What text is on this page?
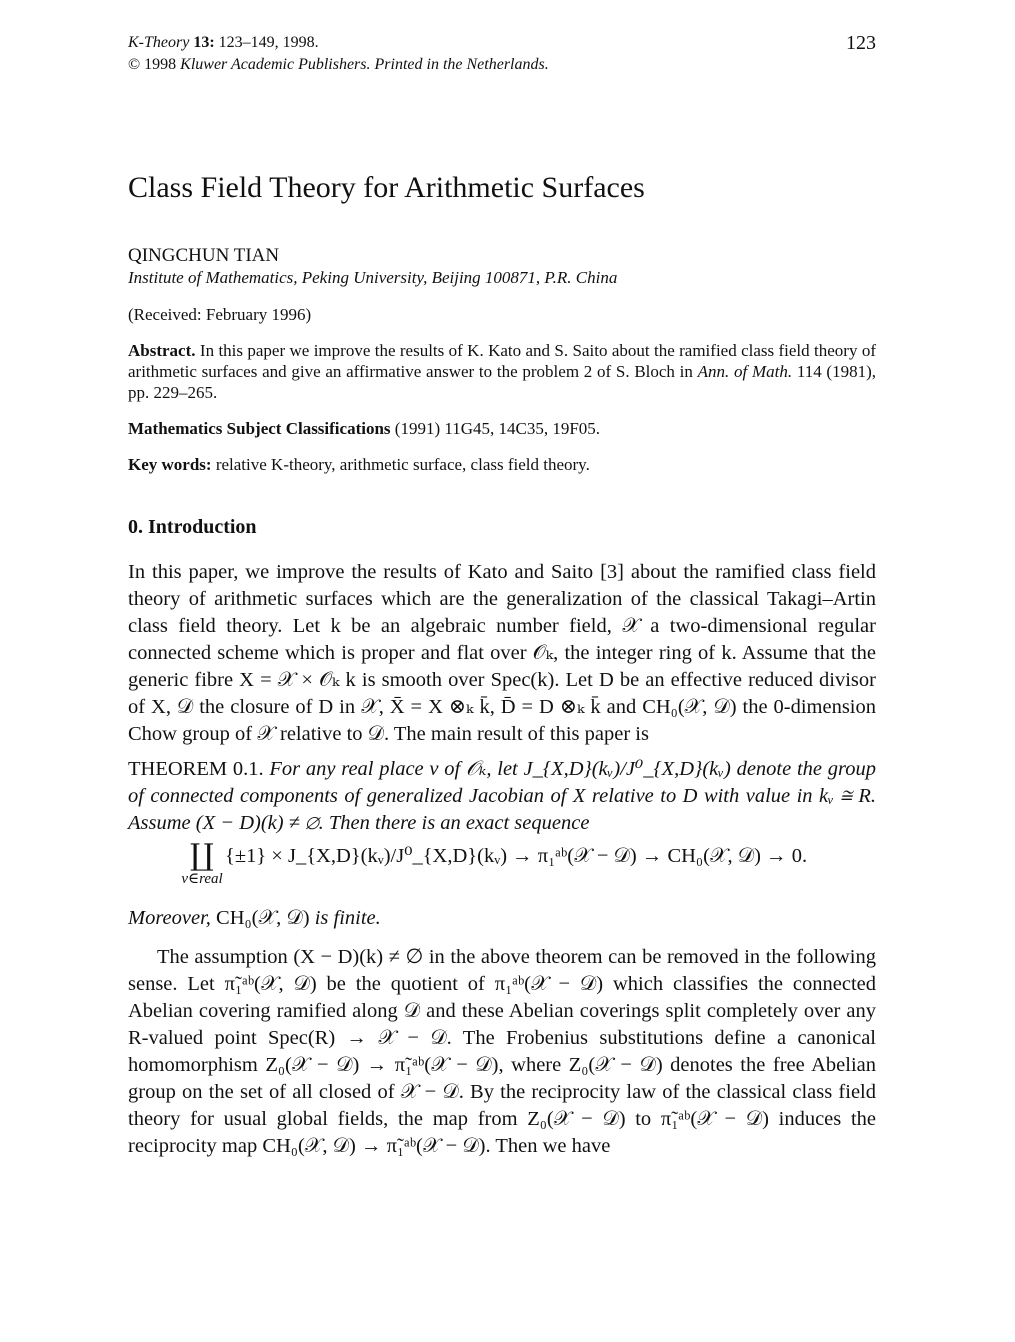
K-Theory 13: 123–149, 1998.
© 1998 Kluwer Academic Publishers. Printed in the Netherlands.
123
Class Field Theory for Arithmetic Surfaces
QINGCHUN TIAN
Institute of Mathematics, Peking University, Beijing 100871, P.R. China
(Received: February 1996)
Abstract. In this paper we improve the results of K. Kato and S. Saito about the ramified class field theory of arithmetic surfaces and give an affirmative answer to the problem 2 of S. Bloch in Ann. of Math. 114 (1981), pp. 229–265.
Mathematics Subject Classifications (1991) 11G45, 14C35, 19F05.
Key words: relative K-theory, arithmetic surface, class field theory.
0. Introduction
In this paper, we improve the results of Kato and Saito [3] about the ramified class field theory of arithmetic surfaces which are the generalization of the classical Takagi–Artin class field theory. Let k be an algebraic number field, 𝒳 a two-dimensional regular connected scheme which is proper and flat over 𝒪ₖ, the integer ring of k. Assume that the generic fibre X = 𝒳 × 𝒪ₖ k is smooth over Spec(k). Let D be an effective reduced divisor of X, 𝒟 the closure of D in 𝒳, X̄ = X ⊗ₖ k̄, D̄ = D ⊗ₖ k̄ and CH₀(𝒳, 𝒟) the 0-dimension Chow group of 𝒳 relative to 𝒟. The main result of this paper is
THEOREM 0.1. For any real place v of 𝒪ₖ, let J_{X,D}(kᵥ)/J⁰_{X,D}(kᵥ) denote the group of connected components of generalized Jacobian of X relative to D with value in kᵥ ≅ R. Assume (X − D)(k) ≠ ∅. Then there is an exact sequence
∐
v∈real
{±1} × J_{X,D}(kᵥ)/J⁰_{X,D}(kᵥ) → π₁ᵃᵇ(𝒳 − 𝒟) → CH₀(𝒳, 𝒟) → 0.
Moreover, CH₀(𝒳, 𝒟) is finite.
The assumption (X − D)(k) ≠ ∅ in the above theorem can be removed in the following sense. Let π̃₁ᵃᵇ(𝒳, 𝒟) be the quotient of π₁ᵃᵇ(𝒳 − 𝒟) which classifies the connected Abelian covering ramified along 𝒟 and these Abelian coverings split completely over any R-valued point Spec(R) → 𝒳 − 𝒟. The Frobenius substitutions define a canonical homomorphism Z₀(𝒳 − 𝒟) → π̃₁ᵃᵇ(𝒳 − 𝒟), where Z₀(𝒳 − 𝒟) denotes the free Abelian group on the set of all closed of 𝒳 − 𝒟. By the reciprocity law of the classical class field theory for usual global fields, the map from Z₀(𝒳 − 𝒟) to π̃₁ᵃᵇ(𝒳 − 𝒟) induces the reciprocity map CH₀(𝒳, 𝒟) → π̃₁ᵃᵇ(𝒳 − 𝒟). Then we have
